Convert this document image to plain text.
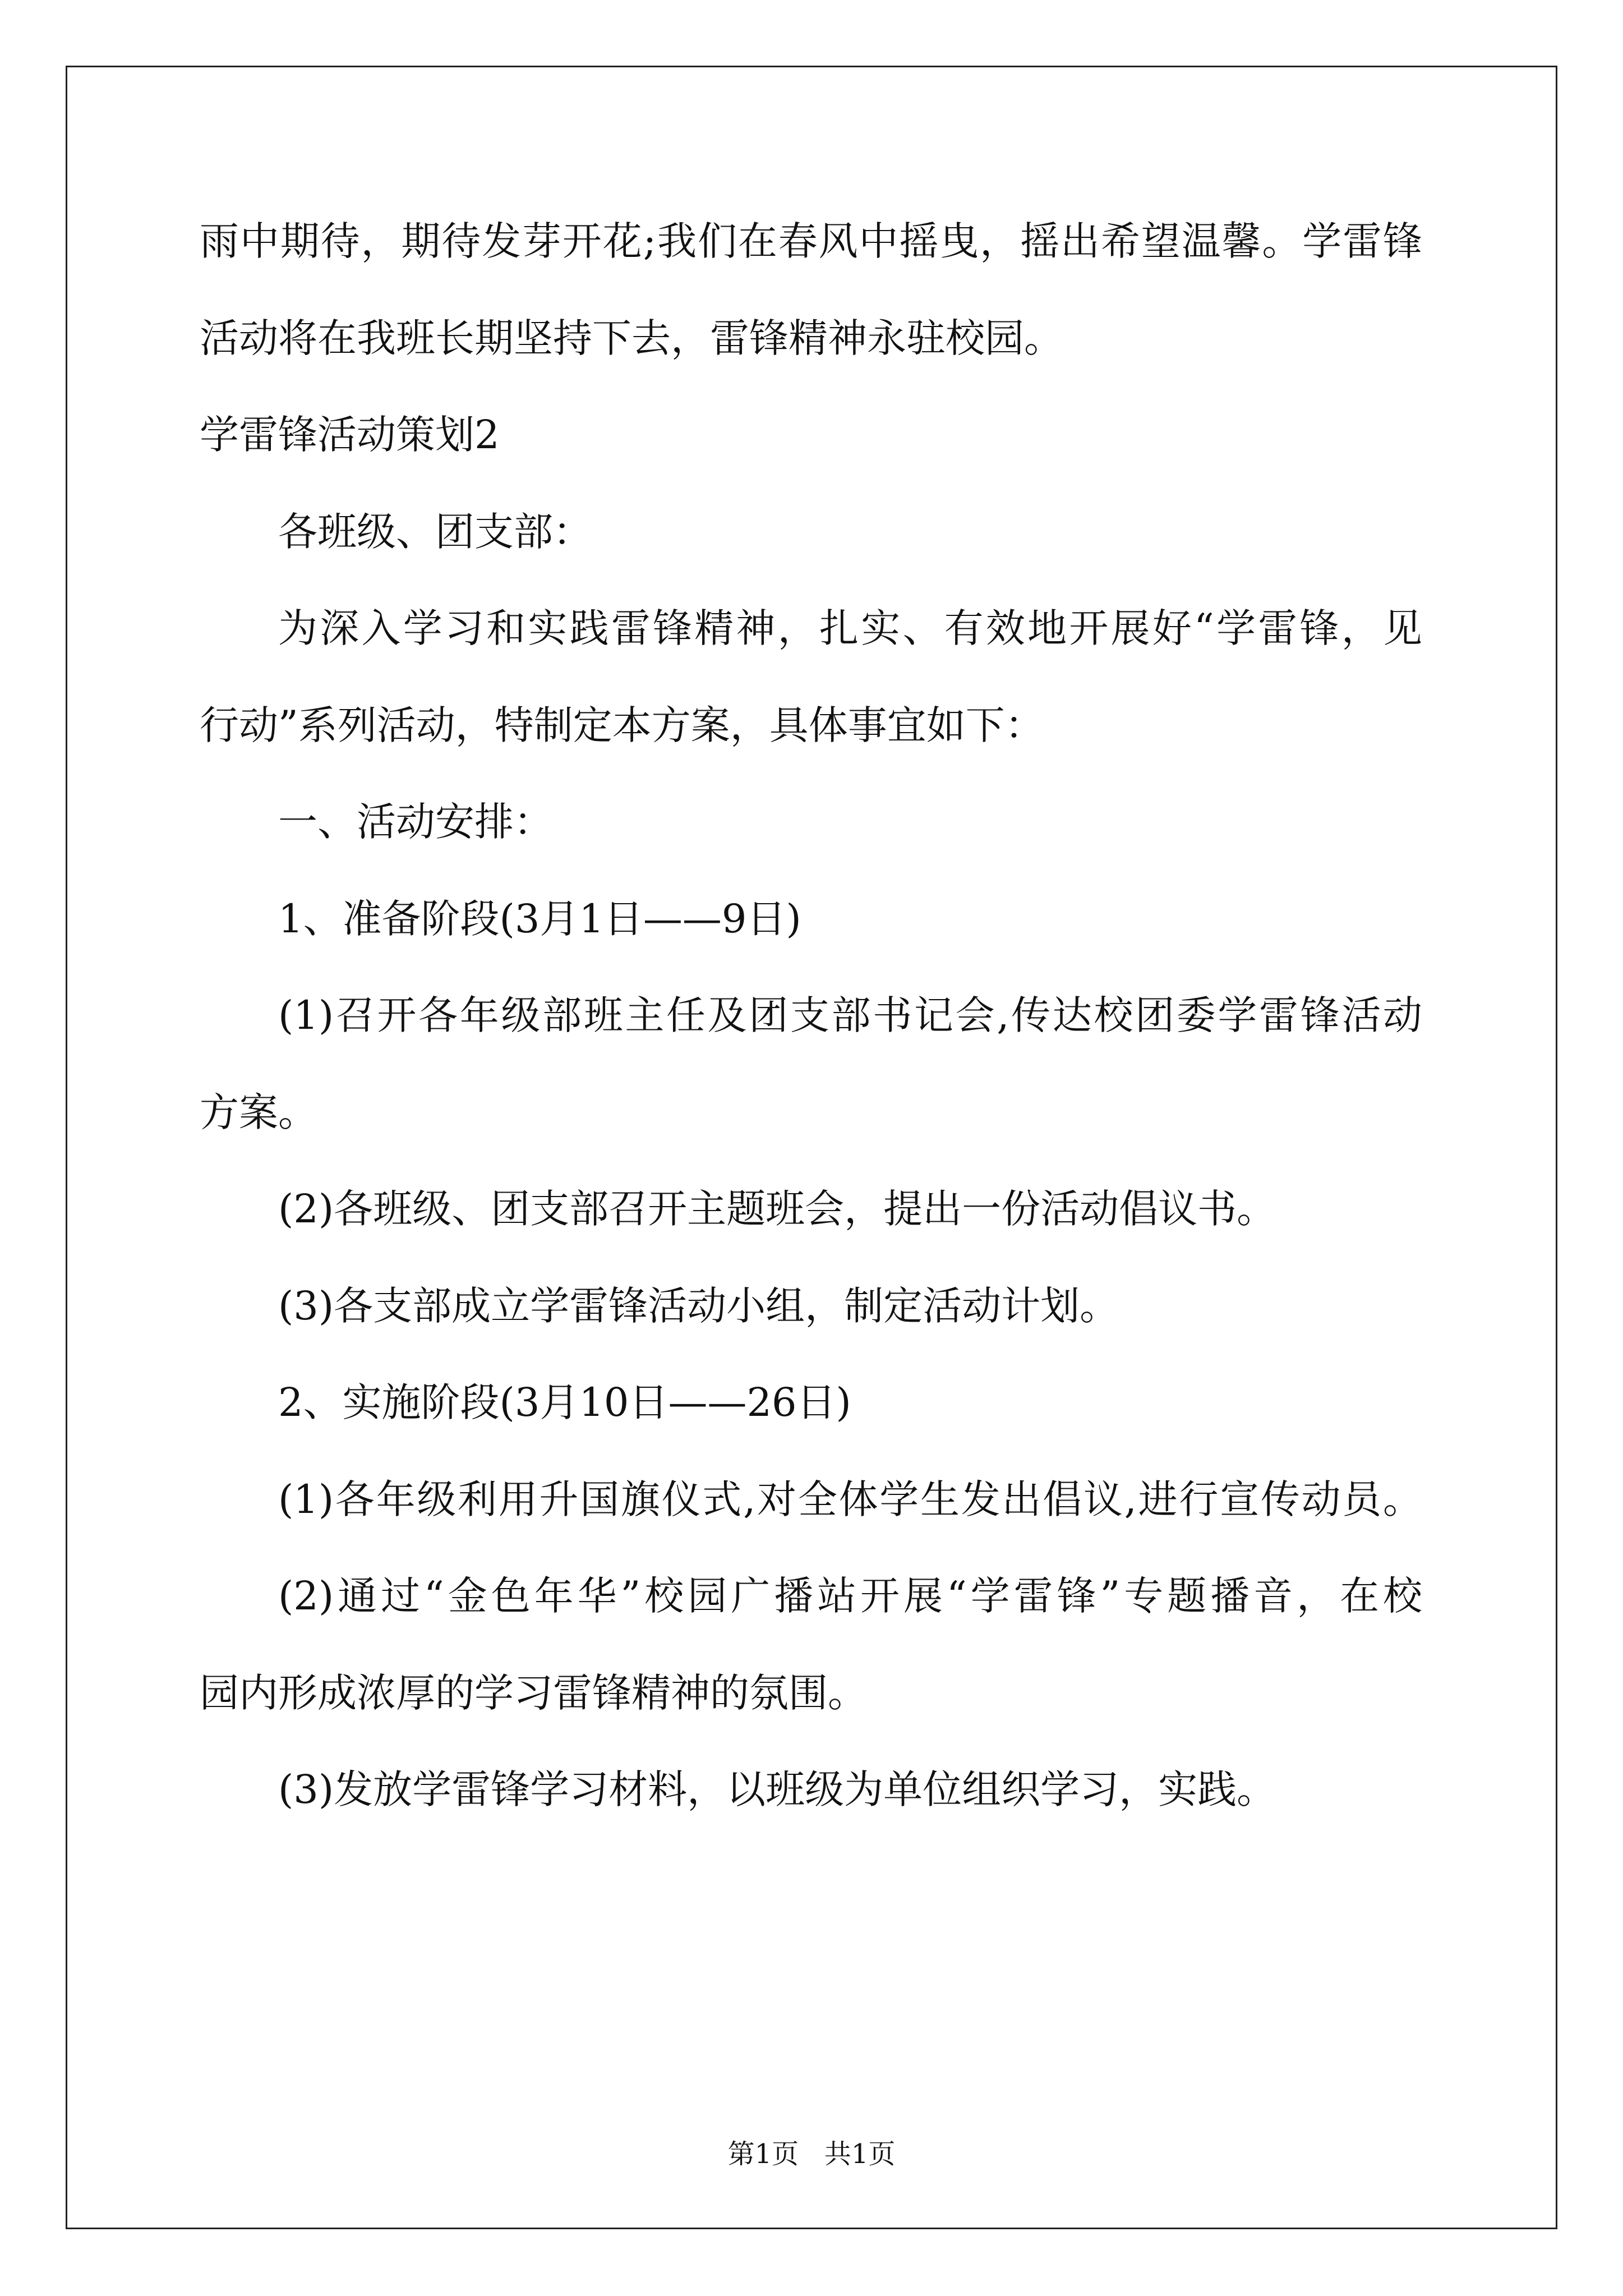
雨中期待，期待发芽开花;我们在春风中摇曳，摇出希望温馨。学雷锋
活动将在我班长期坚持下去，雷锋精神永驻校园。
学雷锋活动策划2
各班级、团支部：
为深入学习和实践雷锋精神，扎实、有效地开展好“学雷锋，见
行动”系列活动，特制定本方案，具体事宜如下：
一、活动安排：
1、准备阶段(3月1日——9日)
(1)召开各年级部班主任及团支部书记会,传达校团委学雷锋活动
方案。
(2)各班级、团支部召开主题班会，提出一份活动倡议书。
(3)各支部成立学雷锋活动小组，制定活动计划。
2、实施阶段(3月10日——26日)
(1)各年级利用升国旗仪式,对全体学生发出倡议,进行宣传动员。
(2)通过“金色年华”校园广播站开展“学雷锋”专题播音，在校
园内形成浓厚的学习雷锋精神的氛围。
(3)发放学雷锋学习材料，以班级为单位组织学习，实践。
第1页   共1页
